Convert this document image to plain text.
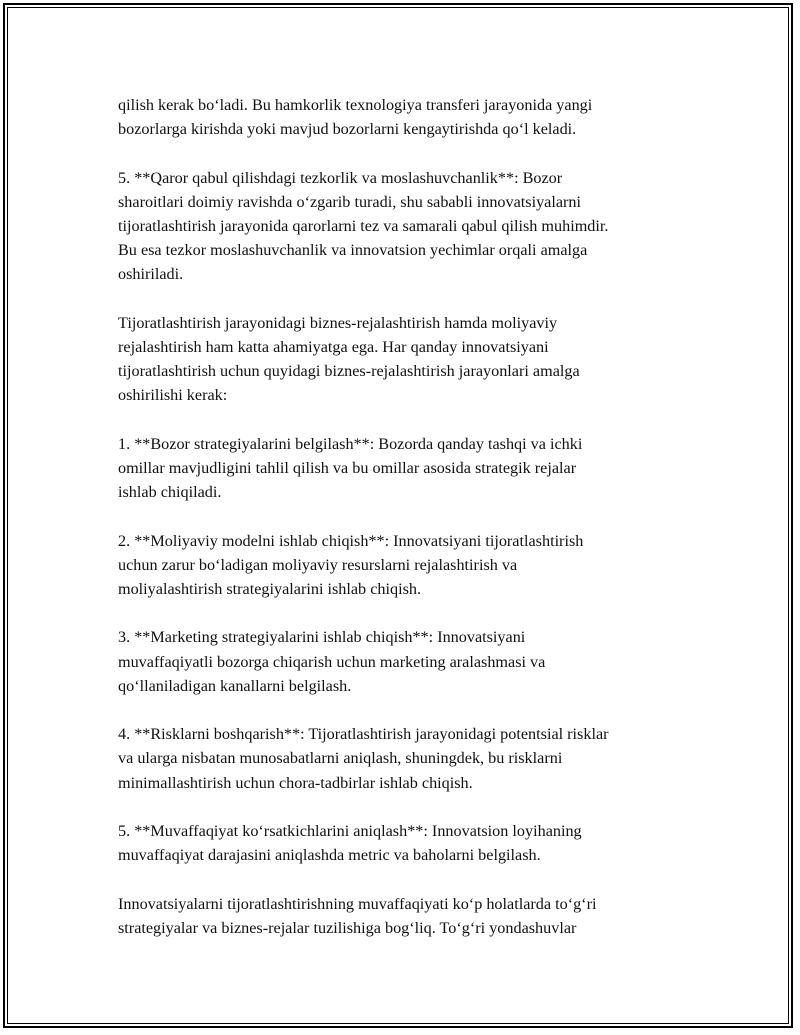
qilish kerak bo‘ladi. Bu hamkorlik texnologiya transferi jarayonida yangi
bozorlarga kirishda yoki mavjud bozorlarni kengaytirishda qo‘l keladi.

5. **Qaror qabul qilishdagi tezkorlik va moslashuvchanlik**: Bozor
sharoitlari doimiy ravishda o‘zgarib turadi, shu sababli innovatsiyalarni
tijoratlashtirish jarayonida qarorlarni tez va samarali qabul qilish muhimdir.
Bu esa tezkor moslashuvchanlik va innovatsion yechimlar orqali amalga
oshiriladi.

Tijoratlashtirish jarayonidagi biznes-rejalashtirish hamda moliyaviy
rejalashtirish ham katta ahamiyatga ega. Har qanday innovatsiyani
tijoratlashtirish uchun quyidagi biznes-rejalashtirish jarayonlari amalga
oshirilishi kerak:

1. **Bozor strategiyalarini belgilash**: Bozorda qanday tashqi va ichki
omillar mavjudligini tahlil qilish va bu omillar asosida strategik rejalar
ishlab chiqiladi.

2. **Moliyaviy modelni ishlab chiqish**: Innovatsiyani tijoratlashtirish
uchun zarur bo‘ladigan moliyaviy resurslarni rejalashtirish va
moliyalashtirish strategiyalarini ishlab chiqish.

3. **Marketing strategiyalarini ishlab chiqish**: Innovatsiyani
muvaffaqiyatli bozorga chiqarish uchun marketing aralashmasi va
qo‘llaniladigan kanallarni belgilash.

4. **Risklarni boshqarish**: Tijoratlashtirish jarayonidagi potentsial risklar
va ularga nisbatan munosabatlarni aniqlash, shuningdek, bu risklarni
minimallashtirish uchun chora-tadbirlar ishlab chiqish.

5. **Muvaffaqiyat ko‘rsatkichlarini aniqlash**: Innovatsion loyihaning
muvaffaqiyat darajasini aniqlashda metric va baholarni belgilash.

Innovatsiyalarni tijoratlashtirishning muvaffaqiyati ko‘p holatlarda to‘g‘ri
strategiyalar va biznes-rejalar tuzilishiga bog‘liq. To‘g‘ri yondashuvlar
